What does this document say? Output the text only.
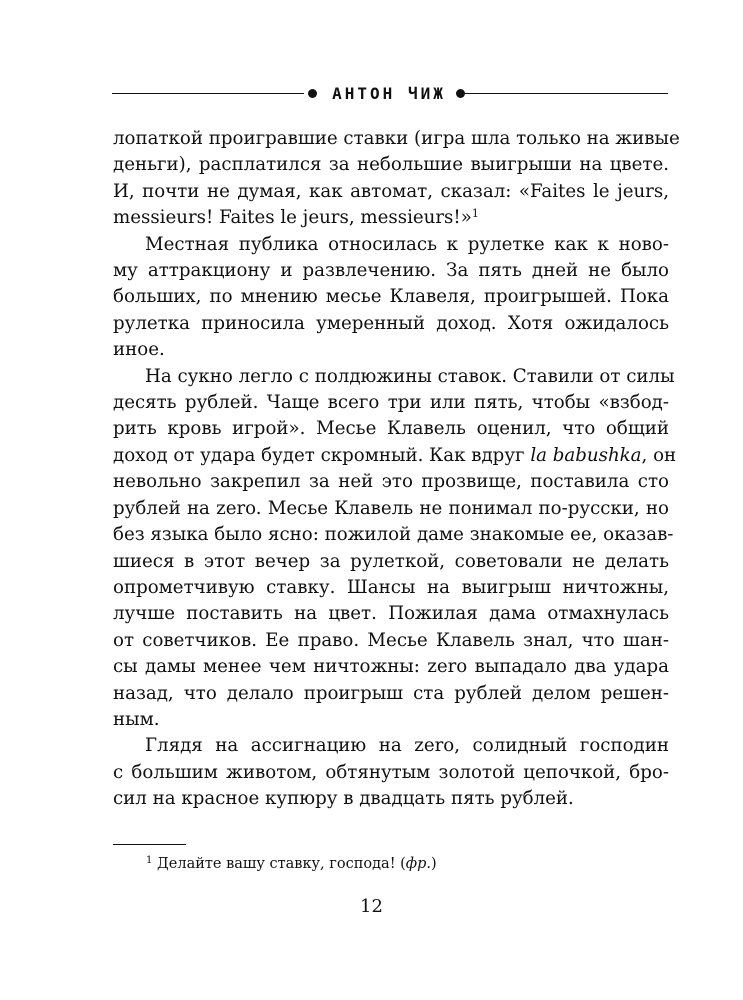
АНТОН ЧИЖ
лопаткой проигравшие ставки (игра шла только на живые
деньги), расплатился за небольшие выигрыши на цвете.
И, почти не думая, как автомат, сказал: «Faites le jeurs,
messieurs! Faites le jeurs, messieurs!»$^1$
Местная публика относилась к рулетке как к ново-
му аттракциону и развлечению. За пять дней не было
больших, по мнению месье Клавеля, проигрышей. Пока
рулетка приносила умеренный доход. Хотя ожидалось
иное.
На сукно легло с полдюжины ставок. Ставили от силы
десять рублей. Чаще всего три или пять, чтобы «взбод-
рить кровь игрой». Месье Клавель оценил, что общий
доход от удара будет скромный. Как вдруг la babushka, он
невольно закрепил за ней это прозвище, поставила сто
рублей на zero. Месье Клавель не понимал по-русски, но
без языка было ясно: пожилой даме знакомые ее, оказав-
шиеся в этот вечер за рулеткой, советовали не делать
опрометчивую ставку. Шансы на выигрыш ничтожны,
лучше поставить на цвет. Пожилая дама отмахнулась
от советчиков. Ее право. Месье Клавель знал, что шан-
сы дамы менее чем ничтожны: zero выпадало два удара
назад, что делало проигрыш ста рублей делом решен-
ным.
Глядя на ассигнацию на zero, солидный господин
с большим животом, обтянутым золотой цепочкой, бро-
сил на красное купюру в двадцать пять рублей.
$^1$ Делайте вашу ставку, господа! (фр.)
12
